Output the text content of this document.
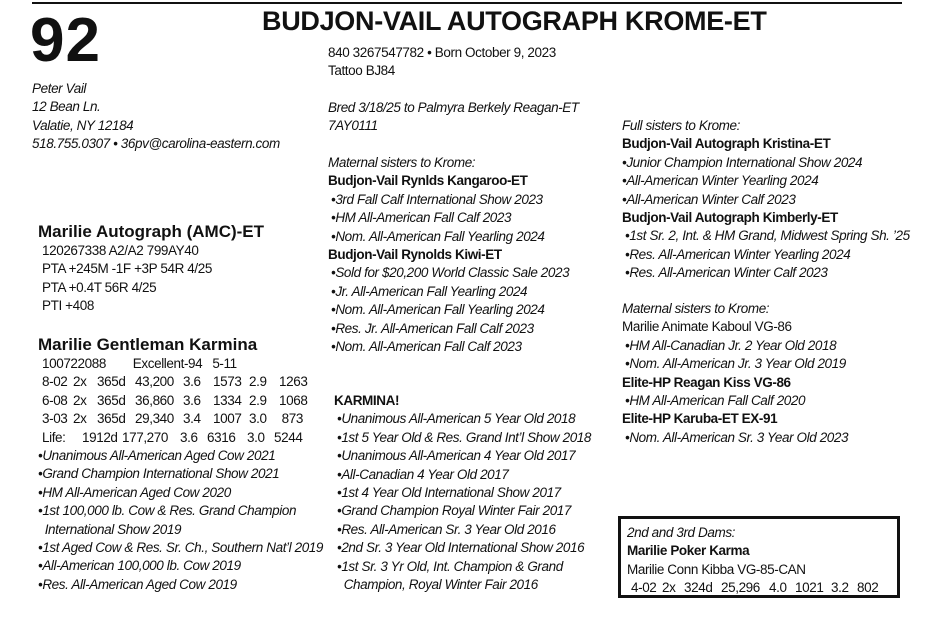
92	BUDJON-VAIL AUTOGRAPH KROME-ET
Peter Vail
12 Bean Ln.
Valatie, NY 12184
518.755.0307 • 36pv@carolina-eastern.com
840 3267547782 • Born October 9, 2023
Tattoo BJ84
Bred 3/18/25 to Palmyra Berkely Reagan-ET
7AY0111
Marilie Autograph (AMC)-ET
120267338 A2/A2 799AY40
PTA +245M -1F +3P 54R 4/25
PTA +0.4T 56R 4/25
PTI +408
Marilie Gentleman Karmina
100722088        Excellent-94   5-11
8-02 2x 365d 43,200 3.6 1573 2.9 1263
6-08 2x 365d 36,860 3.6 1334 2.9 1068
3-03 2x 365d 29,340 3.4 1007 3.0	873
Life:	1912d 177,270 3.6 6316 3.0 5244
•Unanimous All-American Aged Cow 2021
•Grand Champion International Show 2021
•HM All-American Aged Cow 2020
•1st 100,000 lb. Cow & Res. Grand Champion
International Show 2019
•1st Aged Cow & Res. Sr. Ch., Southern Nat’l 2019
•All-American 100,000 lb. Cow 2019
•Res. All-American Aged Cow 2019
Maternal sisters to Krome:
Budjon-Vail Rynlds Kangaroo-ET
•3rd Fall Calf International Show 2023
•HM All-American Fall Calf 2023
•Nom. All-American Fall Yearling 2024
Budjon-Vail Rynolds Kiwi-ET
•Sold for $20,200 World Classic Sale 2023
•Jr. All-American Fall Yearling 2024
•Nom. All-American Fall Yearling 2024
•Res. Jr. All-American Fall Calf 2023
•Nom. All-American Fall Calf 2023
KARMINA!
•Unanimous All-American 5 Year Old 2018
•1st 5 Year Old & Res. Grand Int’l Show 2018
•Unanimous All-American 4 Year Old 2017
•All-Canadian 4 Year Old 2017
•1st 4 Year Old International Show 2017
•Grand Champion Royal Winter Fair 2017
•Res. All-American Sr. 3 Year Old 2016
•2nd Sr. 3 Year Old International Show 2016
•1st Sr. 3 Yr Old, Int. Champion & Grand
Champion, Royal Winter Fair 2016
Full sisters to Krome:
Budjon-Vail Autograph Kristina-ET
•Junior Champion International Show 2024
•All-American Winter Yearling 2024
•All-American Winter Calf 2023
Budjon-Vail Autograph Kimberly-ET
•1st Sr. 2, Int. & HM Grand, Midwest Spring Sh. ’25
•Res. All-American Winter Yearling 2024
•Res. All-American Winter Calf 2023
Maternal sisters to Krome:
Marilie Animate Kaboul VG-86
•HM All-Canadian Jr. 2 Year Old 2018
•Nom. All-American Jr. 3 Year Old 2019
Elite-HP Reagan Kiss VG-86
•HM All-American Fall Calf 2020
Elite-HP Karuba-ET EX-91
•Nom. All-American Sr. 3 Year Old 2023
2nd and 3rd Dams:
Marilie Poker Karma
Marilie Conn Kibba VG-85-CAN
4-02 2x 324d 25,296 4.0 1021 3.2 802
